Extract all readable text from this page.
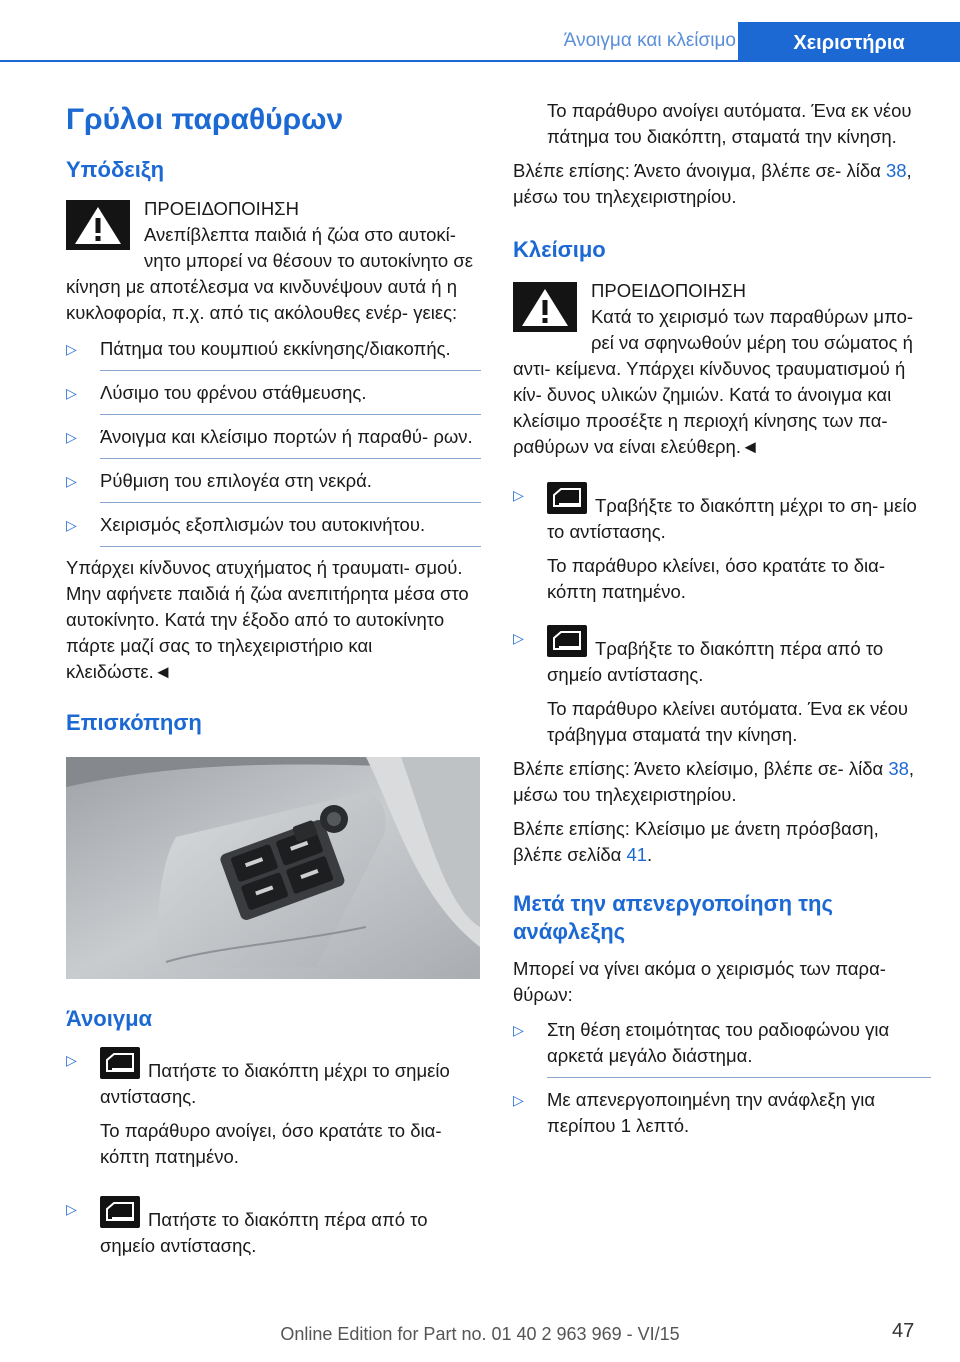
Άνοιγμα και κλείσιμο	Χειριστήρια
Γρύλοι παραθύρων
Υπόδειξη
ΠΡΟΕΙΔΟΠΟΙΗΣΗ
Ανεπίβλεπτα παιδιά ή ζώα στο αυτοκί- νητο μπορεί να θέσουν το αυτοκίνητο σε κίνηση με αποτέλεσμα να κινδυνέψουν αυτά ή η κυκλοφορία, π.χ. από τις ακόλουθες ενέρ- γειες:
▷ Πάτημα του κουμπιού εκκίνησης/διακοπής.
▷ Λύσιμο του φρένου στάθμευσης.
▷ Άνοιγμα και κλείσιμο πορτών ή παραθύ- ρων.
▷ Ρύθμιση του επιλογέα στη νεκρά.
▷ Χειρισμός εξοπλισμών του αυτοκινήτου.

Υπάρχει κίνδυνος ατυχήματος ή τραυματι- σμού. Μην αφήνετε παιδιά ή ζώα ανεπιτήρητα μέσα στο αυτοκίνητο. Κατά την έξοδο από το αυτοκίνητο πάρτε μαζί σας το τηλεχειριστήριο και κλειδώστε.◄

Επισκόπηση
Άνοιγμα
▷	Πατήστε το διακόπτη μέχρι το σημείο αντίστασης.

Το παράθυρο ανοίγει, όσο κρατάτε το δια- κόπτη πατημένο.

▷	Πατήστε το διακόπτη πέρα από το σημείο αντίστασης.

Το παράθυρο ανοίγει αυτόματα. Ένα εκ νέου πάτημα του διακόπτη, σταματά την κίνηση.

Βλέπε επίσης: Άνετο άνοιγμα, βλέπε σε- λίδα 38, μέσω του τηλεχειριστηρίου.

Κλείσιμο
ΠΡΟΕΙΔΟΠΟΙΗΣΗ
Κατά το χειρισμό των παραθύρων μπο- ρεί να σφηνωθούν μέρη του σώματος ή αντι- κείμενα. Υπάρχει κίνδυνος τραυματισμού ή κίν- δυνος υλικών ζημιών. Κατά το άνοιγμα και κλείσιμο προσέξτε η περιοχή κίνησης των πα- ραθύρων να είναι ελεύθερη.◄
▷	Τραβήξτε το διακόπτη μέχρι το ση- μείο το αντίστασης.

Το παράθυρο κλείνει, όσο κρατάτε το δια- κόπτη πατημένο.

▷	Τραβήξτε το διακόπτη πέρα από το σημείο αντίστασης.

Το παράθυρο κλείνει αυτόματα. Ένα εκ νέου τράβηγμα σταματά την κίνηση.

Βλέπε επίσης: Άνετο κλείσιμο, βλέπε σε- λίδα 38, μέσω του τηλεχειριστηρίου.

Βλέπε επίσης: Κλείσιμο με άνετη πρόσβαση, βλέπε σελίδα 41.

Μετά την απενεργοποίηση της ανάφλεξης

Μπορεί να γίνει ακόμα ο χειρισμός των παρα- θύρων:

▷ Στη θέση ετοιμότητας του ραδιοφώνου για αρκετά μεγάλο διάστημα.
▷ Με απενεργοποιημένη την ανάφλεξη για περίπου 1 λεπτό.
Online Edition for Part no. 01 40 2 963 969 - VI/15	47
